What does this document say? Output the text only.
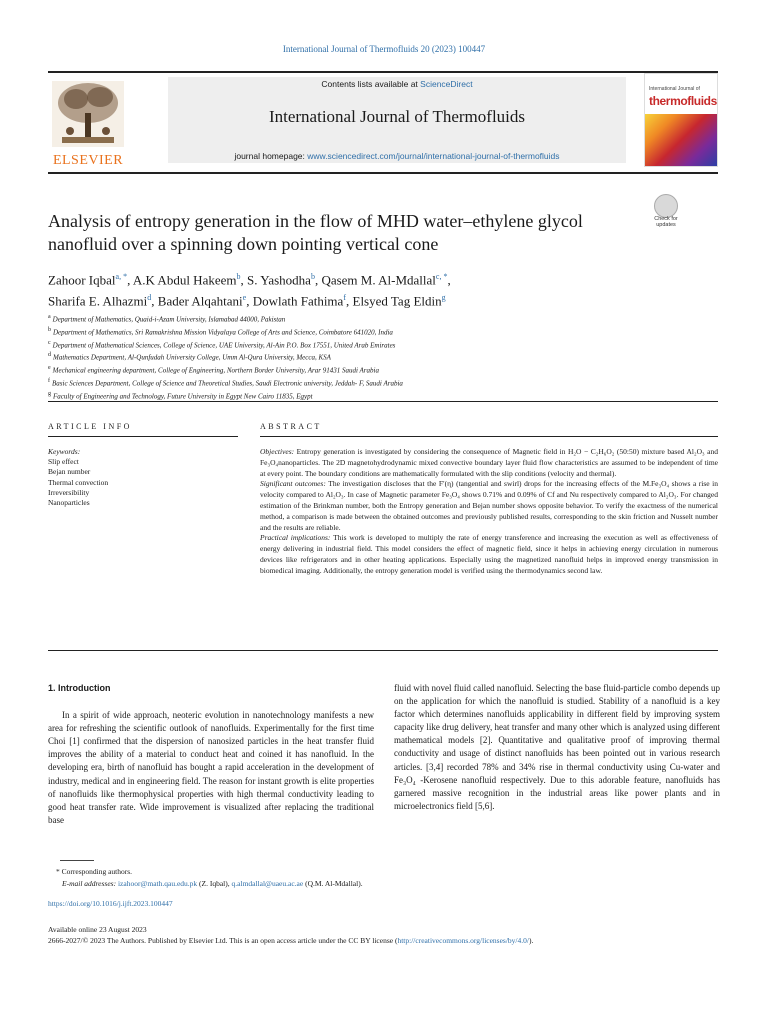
International Journal of Thermofluids 20 (2023) 100447
ELSEVIER
Contents lists available at ScienceDirect
International Journal of Thermofluids
journal homepage: www.sciencedirect.com/journal/international-journal-of-thermofluids
International Journal of
thermofluids
Analysis of entropy generation in the flow of MHD water–ethylene glycol nanofluid over a spinning down pointing vertical cone
Check for updates
Zahoor Iqbal$^{a, *}$, A.K Abdul Hakeem$^b$, S. Yashodha$^b$, Qasem M. Al-Mdallal$^{c, *}$,
Sharifa E. Alhazmi$^d$, Bader Alqahtani$^e$, Dowlath Fathima$^f$, Elsyed Tag Eldin$^g$
a Department of Mathematics, Quaid-i-Azam University, Islamabad 44000, Pakistan
b Department of Mathematics, Sri Ramakrishna Mission Vidyalaya College of Arts and Science, Coimbatore 641020, India
c Department of Mathematical Sciences, College of Science, UAE University, Al-Ain P.O. Box 17551, United Arab Emirates
d Mathematics Department, Al-Qunfudah University College, Umm Al-Qura University, Mecca, KSA
e Mechanical engineering department, College of Engineering, Northern Border University, Arar 91431 Saudi Arabia
f Basic Sciences Department, College of Science and Theoretical Studies, Saudi Electronic university, Jeddah- F, Saudi Arabia
g Faculty of Engineering and Technology, Future University in Egypt New Cairo 11835, Egypt
ARTICLE INFO	ABSTRACT
Keywords:
Slip effect
Bejan number
Thermal convection
Irreversibility
Nanoparticles

Objectives: Entropy generation is investigated by considering the consequence of Magnetic field in H₂O − C₂H₆O₂ (50:50) mixture based Al₂O₃ and Fe₃O₄nanoparticles. The 2D magnetohydrodynamic mixed convective boundary layer fluid flow characteristics are assumed to be independent of time at every point. The boundary conditions are mathematically formulated with the slip conditions (velocity and thermal).

Significant outcomes: The investigation discloses that the F′(η) (tangential and swirl) drops for the increasing effects of the M.Fe₃O₄ shows a rise in velocity compared to Al₂O₃. In case of Magnetic parameter Fe₃O₄ shows 0.71% and 0.09% of Cf and Nu respectively compared to Al₂O₃. For changed estimation of the Brinkman number, both the Entropy generation and Bejan number shows opposite behavior. To verify the exactness of the numerical method, a comparison is made between the obtained outcomes and previously published results, corresponding to the skin friction and Nusselt number and the results are reliable.

Practical implications: This work is developed to multiply the rate of energy transference and increasing the execution as well as effectiveness of energy delivering in industrial field. This model considers the effect of magnetic field, since it helps in achieving energy circulation in numerous devices like refrigerators and in other heating applications. Especially using the magnetized nanofluid helps in improved energy transmission in biomedical imaging. Additionally, the entropy generation model is verified using the thermodynamics second law.

1. Introduction

In a spirit of wide approach, neoteric evolution in nanotechnology manifests a new area for refreshing the scientific outlook of nanofluids. Experimentally for the first time Choi [1] confirmed that the dispersion of nanosized particles in the heat transfer fluid improves the ability of a material to conduct heat and coined it has nanofluid. In the developing era, birth of nanofluid has bought a rapid acceleration in the development of industry, medical and in engineering field. The reason for instant growth is elite properties of nanofluids like thermophysical properties with high thermal conductivity leading to good heat transfer rate. Wide improvement is visualized after replacing the traditional base

fluid with novel fluid called nanofluid. Selecting the base fluid-particle combo depends up on the application for which the nanofluid is studied. Stability of a nanofluid is a key factor which determines nanofluids applicability in different field by improving system capacity like drug delivery, heat transfer and many other which is analyzed using different mathematical models [2]. Quantitative and qualitative proof of improving thermal conductivity and usage of distinct nanofluids has been pointed out in various research articles. [3,4] recorded 78% and 34% rise in thermal conductivity using Cu-water and Fe₃O₄ -Kerosene nanofluid respectively. Due to this adorable feature, nanofluids has garnered massive recognition in the industrial areas like power plants and in microelectronics field [5,6].

* Corresponding authors.
E-mail addresses: izahoor@math.qau.edu.pk (Z. Iqbal), q.almdallal@uaeu.ac.ae (Q.M. Al-Mdallal).
https://doi.org/10.1016/j.ijft.2023.100447
Available online 23 August 2023
2666-2027/© 2023 The Authors. Published by Elsevier Ltd. This is an open access article under the CC BY license (http://creativecommons.org/licenses/by/4.0/).
